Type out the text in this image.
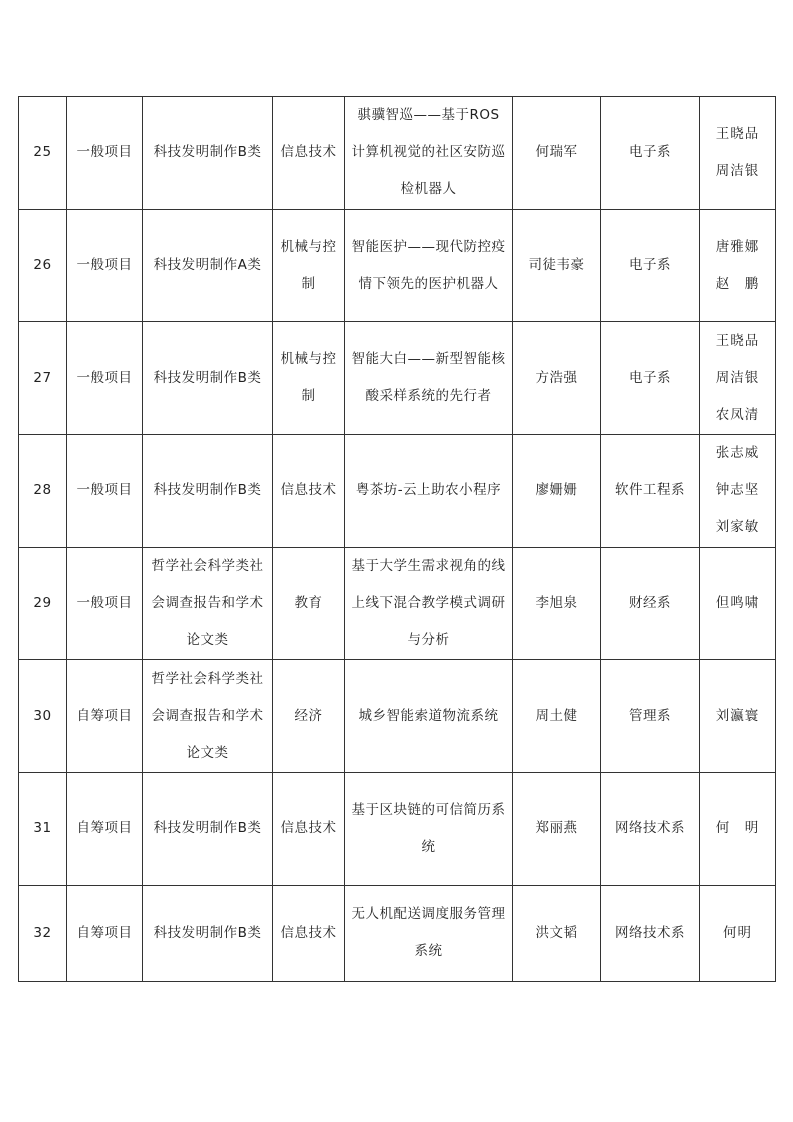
25	一般项目	科技发明制作B类	信息技术	骐骥智巡——基于ROS计算机视觉的社区安防巡检机器人	何瑞军	电子系	王晓品
周洁银
26	一般项目	科技发明制作A类	机械与控制	智能医护——现代防控疫情下领先的医护机器人	司徒韦豪	电子系	唐雅娜
赵　鹏
27	一般项目	科技发明制作B类	机械与控制	智能大白——新型智能核酸采样系统的先行者	方浩强	电子系	王晓品
周洁银
农凤清
28	一般项目	科技发明制作B类	信息技术	粤茶坊-云上助农小程序	廖姗姗	软件工程系	张志威
钟志坚
刘家敏
29	一般项目	哲学社会科学类社会调查报告和学术论文类	教育	基于大学生需求视角的线上线下混合教学模式调研与分析	李旭泉	财经系	但鸣啸
30	自筹项目	哲学社会科学类社会调查报告和学术论文类	经济	城乡智能索道物流系统	周土健	管理系	刘瀛寰
31	自筹项目	科技发明制作B类	信息技术	基于区块链的可信简历系统	郑丽燕	网络技术系	何　明
32	自筹项目	科技发明制作B类	信息技术	无人机配送调度服务管理系统	洪文韬	网络技术系	何明
